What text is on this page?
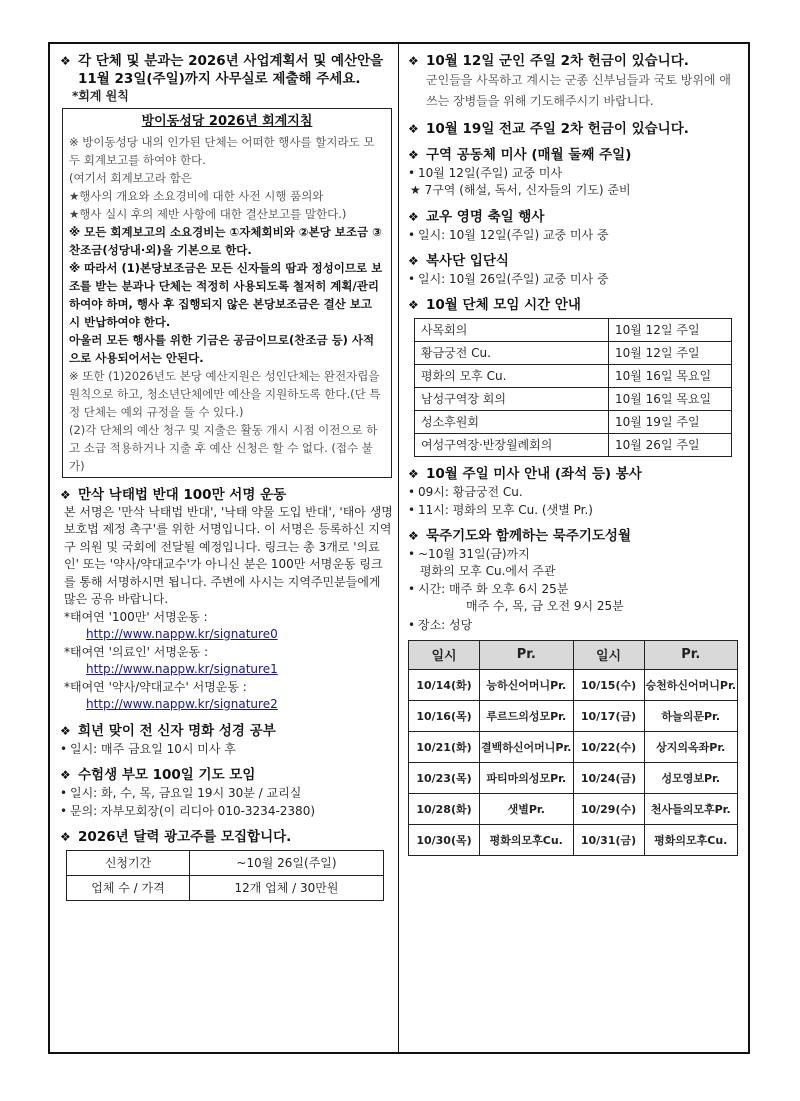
❖ 각 단체 및 분과는 2026년 사업계획서 및 예산안을 11월 23일(주일)까지 사무실로 제출해 주세요.
*회계 원칙
방이동성당 2026년 회계지침
※ 방이동성당 내의 인가된 단체는 어떠한 행사를 할지라도 모두 회계보고를 하여야 한다.
(여기서 회계보고라 함은
★행사의 개요와 소요경비에 대한 사전 시행 품의와
★행사 실시 후의 제반 사항에 대한 결산보고를 말한다.)
※ 모든 회계보고의 소요경비는 ①자체회비와 ②본당 보조금 ③찬조금(성당내·외)을 기본으로 한다.
※ 따라서 (1)본당보조금은 모든 신자들의 땀과 정성이므로 보조를 받는 분과나 단체는 적정히 사용되도록 철저히 계획/관리하여야 하며, 행사 후 집행되지 않은 본당보조금은 결산 보고 시 반납하여야 한다.
아울러 모든 행사를 위한 기금은 공금이므로(찬조금 등) 사적으로 사용되어서는 안된다.
※ 또한 (1)2026년도 본당 예산지원은 성인단체는 완전자립을 원칙으로 하고, 청소년단체에만 예산을 지원하도록 한다.(단 특정 단체는 예외 규정을 둘 수 있다.)
(2)각 단체의 예산 청구 및 지출은 활동 개시 시점 이전으로 하고 소급 적용하거나 지출 후 예산 신청은 할 수 없다. (접수 불가)
❖ 만삭 낙태법 반대 100만 서명 운동
본 서명은 '만삭 낙태법 반대', '낙태 약물 도입 반대', '태아 생명 보호법 제정 촉구'를 위한 서명입니다. 이 서명은 등록하신 지역구 의원 및 국회에 전달될 예정입니다. 링크는 총 3개로 '의료인' 또는 '약사/약대교수'가 아니신 분은 100만 서명운동 링크를 통해 서명하시면 됩니다. 주변에 사시는 지역주민분들에게 많은 공유 바랍니다.
*태여연 '100만' 서명운동 :
http://www.nappw.kr/signature0
*태여연 '의료인' 서명운동 :
http://www.nappw.kr/signature1
*태여연 '약사/약대교수' 서명운동 :
http://www.nappw.kr/signature2
❖ 희년 맞이 전 신자 명화 성경 공부
• 일시: 매주 금요일 10시 미사 후
❖ 수험생 부모 100일 기도 모임
• 일시: 화, 수, 목, 금요일 19시 30분 / 교리실
• 문의: 자부모회장(이 리디아 010-3234-2380)
❖ 2026년 달력 광고주를 모집합니다.
신청기간	~10월 26일(주일)
업체 수 / 가격	12개 업체 / 30만원
❖ 10월 12일 군인 주일 2차 헌금이 있습니다.
군인들을 사목하고 계시는 군종 신부님들과 국토 방위에 애쓰는 장병들을 위해 기도해주시기 바랍니다.
❖ 10월 19일 전교 주일 2차 헌금이 있습니다.
❖ 구역 공동체 미사 (매월 둘째 주일)
• 10월 12일(주일) 교중 미사
★ 7구역 (해설, 독서, 신자들의 기도) 준비
❖ 교우 영명 축일 행사
• 일시: 10월 12일(주일) 교중 미사 중
❖ 복사단 입단식
• 일시: 10월 26일(주일) 교중 미사 중
❖ 10월 단체 모임 시간 안내
사목회의	10월 12일 주일
황금궁전 Cu.	10월 12일 주일
평화의 모후 Cu.	10월 16일 목요일
남성구역장 회의	10월 16일 목요일
성소후원회	10월 19일 주일
여성구역장·반장월례회의	10월 26일 주일
❖ 10월 주일 미사 안내 (좌석 등) 봉사
• 09시: 황금궁전 Cu.
• 11시: 평화의 모후 Cu. (샛별 Pr.)
❖ 묵주기도와 함께하는 묵주기도성월
• ~10월 31일(금)까지
평화의 모후 Cu.에서 주관
• 시간: 매주 화 오후 6시 25분
매주 수, 목, 금 오전 9시 25분
• 장소: 성당
일시	Pr.	일시	Pr.
10/14(화)	능하신어머니Pr.	10/15(수)	승천하신어머니Pr.
10/16(목)	루르드의성모Pr.	10/17(금)	하늘의문Pr.
10/21(화)	결백하신어머니Pr.	10/22(수)	상지의옥좌Pr.
10/23(목)	파티마의성모Pr.	10/24(금)	성모영보Pr.
10/28(화)	샛별Pr.	10/29(수)	천사들의모후Pr.
10/30(목)	평화의모후Cu.	10/31(금)	평화의모후Cu.
